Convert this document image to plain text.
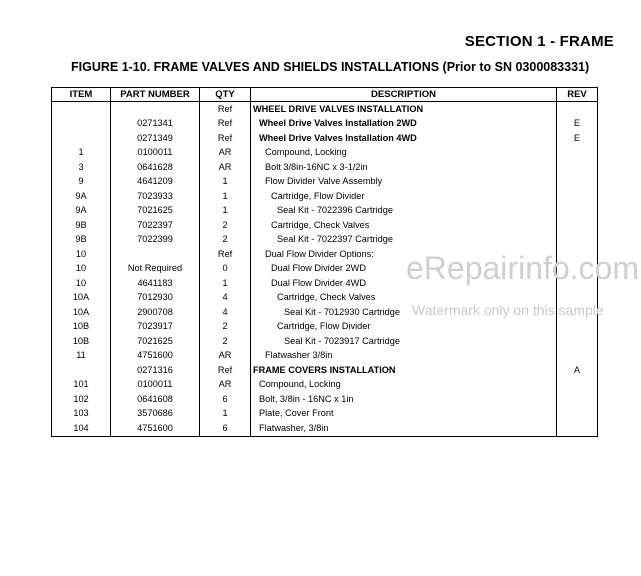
SECTION 1 - FRAME
FIGURE 1-10. FRAME VALVES AND SHIELDS INSTALLATIONS (Prior to SN 0300083331)
ITEM	PART NUMBER	QTY	DESCRIPTION	REV
		Ref	WHEEL DRIVE VALVES INSTALLATION	
	0271341	Ref	Wheel Drive Valves Installation 2WD	E
	0271349	Ref	Wheel Drive Valves Installation 4WD	E
1	0100011	AR	Compound, Locking	
3	0641628	AR	Bolt 3/8in-16NC x 3-1/2in	
9	4641209	1	Flow Divider Valve Assembly	
9A	7023933	1	Cartridge, Flow Divider	
9A	7021625	1	Seal Kit - 7022396 Cartridge	
9B	7022397	2	Cartridge, Check Valves	
9B	7022399	2	Seal Kit - 7022397 Cartridge	
10		Ref	Dual Flow Divider Options:	
10	Not Required	0	Dual Flow Divider 2WD	
10	4641183	1	Dual Flow Divider 4WD	
10A	7012930	4	Cartridge, Check Valves	
10A	2900708	4	Seal Kit - 7012930 Cartridge	
10B	7023917	2	Cartridge, Flow Divider	
10B	7021625	2	Seal Kit - 7023917 Cartridge	
11	4751600	AR	Flatwasher 3/8in	
	0271316	Ref	FRAME COVERS INSTALLATION	A
101	0100011	AR	Compound, Locking	
102	0641608	6	Bolt, 3/8in - 16NC x 1in	
103	3570686	1	Plate, Cover Front	
104	4751600	6	Flatwasher, 3/8in	
eRepairinfo.com
Watermark only on this sample
